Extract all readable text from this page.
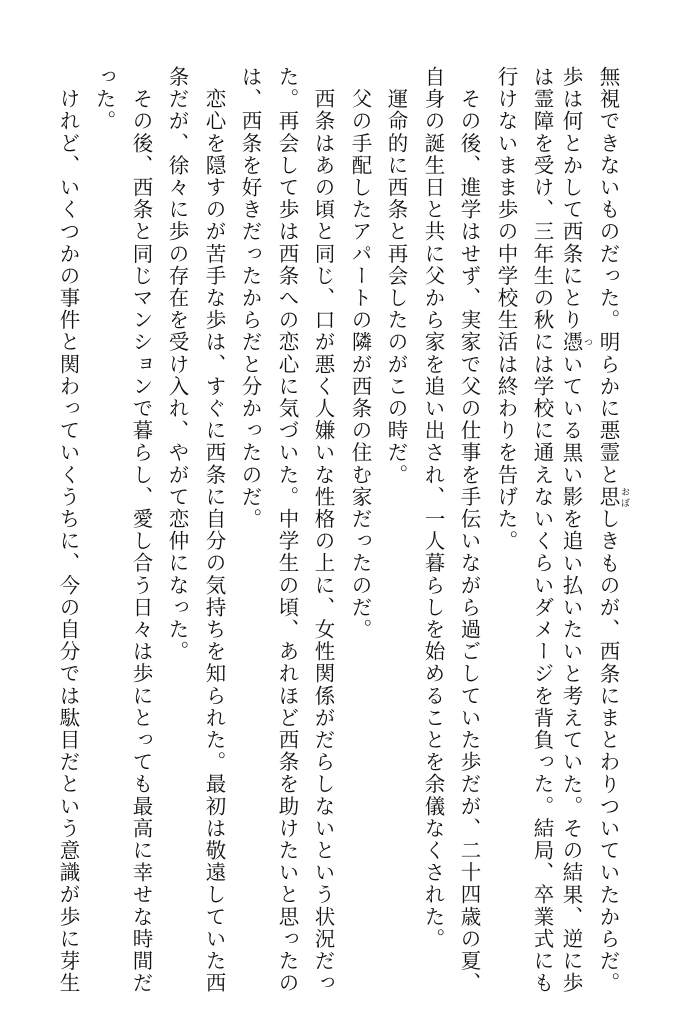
無視できないものだった。明らかに悪霊と思 おぼしきものが、西条にまとわりついていたからだ。
歩は何とかして西条にとり憑 ついている黒い影を追い払いたいと考えていた。その結果、逆に歩
は霊障を受け、三年生の秋には学校に通えないくらいダメージを背負った。結局、卒業式にも
行けないまま歩の中学校生活は終わりを告げた。
　その後、進学はせず、実家で父の仕事を手伝いながら過ごしていた歩だが、二十四歳の夏、
自身の誕生日と共に父から家を追い出され、一人暮らしを始めることを余儀なくされた。
　運命的に西条と再会したのがこの時だ。
　父の手配したアパートの隣が西条の住む家だったのだ。
　西条はあの頃と同じ、口が悪く人嫌いな性格の上に、女性関係がだらしないという状況だっ
た。再会して歩は西条への恋心に気づいた。中学生の頃、あれほど西条を助けたいと思ったの
は、西条を好きだったからだと分かったのだ。
　恋心を隠すのが苦手な歩は、すぐに西条に自分の気持ちを知られた。最初は敬遠していた西
条だが、徐々に歩の存在を受け入れ、やがて恋仲になった。
　その後、西条と同じマンションで暮らし、愛し合う日々は歩にとっても最高に幸せな時間だ
った。
　けれど、いくつかの事件と関わっていくうちに、今の自分では駄目だという意識が歩に芽生
